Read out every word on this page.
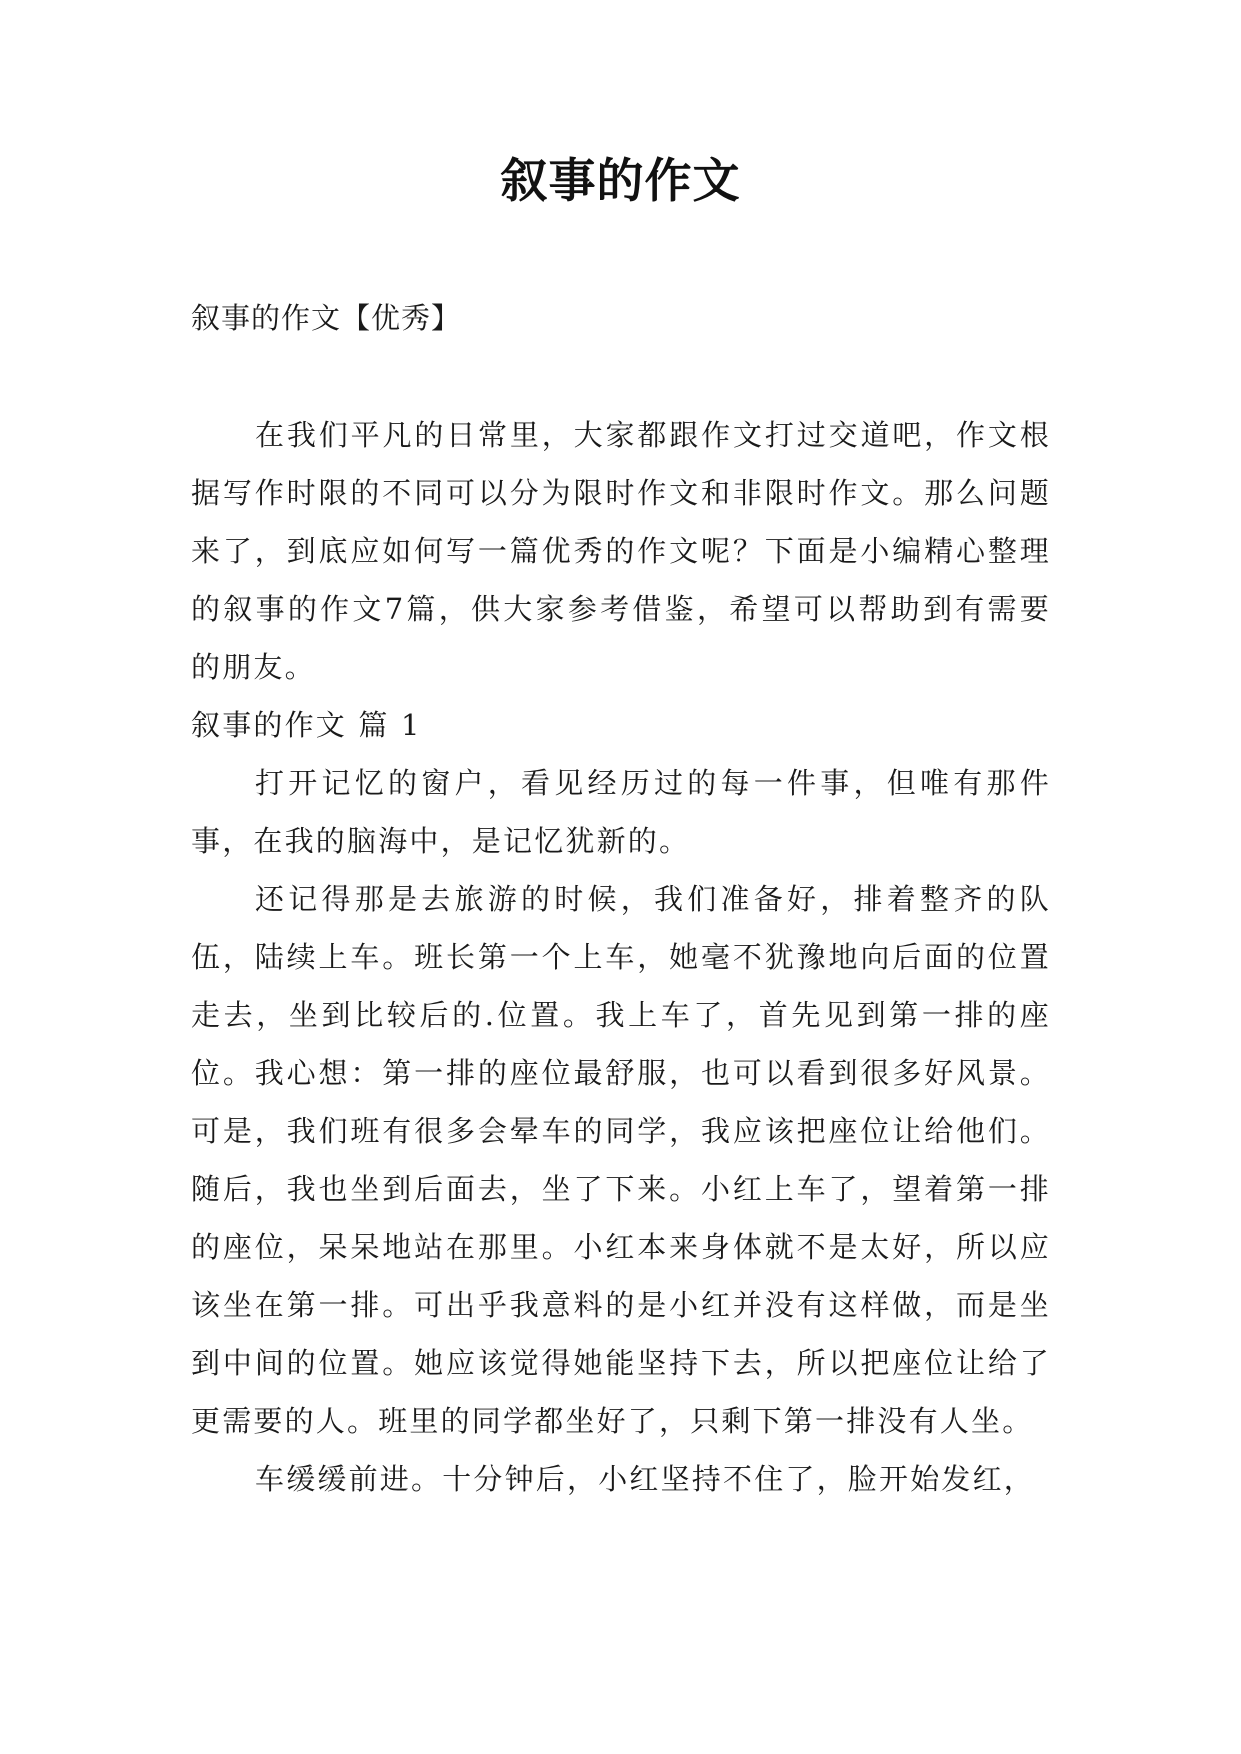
叙事的作文

叙事的作文【优秀】

在我们平凡的日常里，大家都跟作文打过交道吧，作文根据写作时限的不同可以分为限时作文和非限时作文。那么问题来了，到底应如何写一篇优秀的作文呢？下面是小编精心整理的叙事的作文7篇，供大家参考借鉴，希望可以帮助到有需要的朋友。

叙事的作文 篇 1

打开记忆的窗户，看见经历过的每一件事，但唯有那件事，在我的脑海中，是记忆犹新的。

还记得那是去旅游的时候，我们准备好，排着整齐的队伍，陆续上车。班长第一个上车，她毫不犹豫地向后面的位置走去，坐到比较后的.位置。我上车了，首先见到第一排的座位。我心想：第一排的座位最舒服，也可以看到很多好风景。可是，我们班有很多会晕车的同学，我应该把座位让给他们。随后，我也坐到后面去，坐了下来。小红上车了，望着第一排的座位，呆呆地站在那里。小红本来身体就不是太好，所以应该坐在第一排。可出乎我意料的是小红并没有这样做，而是坐到中间的位置。她应该觉得她能坚持下去，所以把座位让给了更需要的人。班里的同学都坐好了，只剩下第一排没有人坐。

车缓缓前进。十分钟后，小红坚持不住了，脸开始发红，
